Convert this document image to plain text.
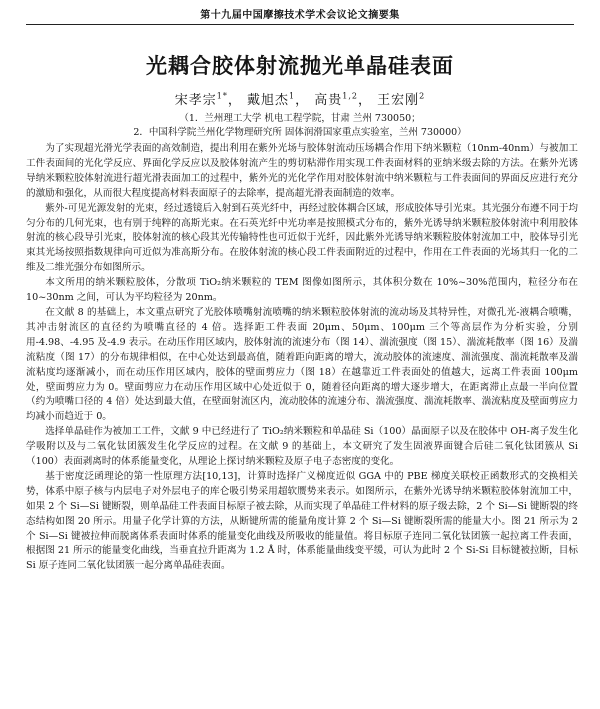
第十九届中国摩擦技术学术会议论文摘要集
光耦合胶体射流抛光单晶硅表面
宋孝宗$^{1*}$， 戴旭杰$^1$， 高贵$^{1,2}$， 王宏刚$^2$
（1．兰州理工大学 机电工程学院，甘肃 兰州 730050；
2．中国科学院兰州化学物理研究所 固体润滑国家重点实验室，兰州 730000）

为了实现超光滑光学表面的高效制造，提出利用在紫外光场与胶体射流动压场耦合作用下纳米颗粒（10nm-40nm）与被加工工件表面间的光化学反应、界面化学反应以及胶体射流产生的剪切粘滞作用实现工件表面材料的亚纳米级去除的方法。在紫外光诱导纳米颗粒胶体射流进行超光滑表面加工的过程中，紫外光的光化学作用对胶体射流中纳米颗粒与工件表面间的界面反应进行充分的激励和强化，从而很大程度提高材料表面原子的去除率，提高超光滑表面制造的效率。

紫外-可见光源发射的光束，经过透镜后入射到石英光纤中，再经过胶体耦合区域，形成胶体导引光束。其光强分布遵不同于均匀分布的几何光束，也有别于纯粹的高斯光束。在石英光纤中光功率是按照模式分布的，紫外光诱导纳米颗粒胶体射流中利用胶体射流的核心段导引光束，胶体射流的核心段其光传输特性也可近似于光纤，因此紫外光诱导纳米颗粒胶体射流加工中，胶体导引光束其光场按照指数规律向可近似为准高斯分布。在胶体射流的核心段工件表面附近的过程中，作用在工件表面的光场其归一化的二维及二维光强分布如图所示。

本文所用的纳米颗粒胶体，分散项 TiO₂纳米颗粒的 TEM 图像如图所示，其体积分数在 10%~30%范围内，粒径分布在 10~30nm 之间，可认为平均粒径为 20nm。

在文献 8 的基础上，本文重点研究了光胶体喷嘴射流喷嘴的纳米颗粒胶体射流的流动场及其特异性，对微孔光-液耦合喷嘴，其冲击射流区的直径约为喷嘴直径的 4 倍。选择距工件表面 20μm、50μm、100μm 三个等高层作为分析实验，分别用-4.98、-4.95 及-4.9 表示。在动压作用区域内，胶体射流的流速分布（图 14）、湍流强度（图 15）、湍流耗散率（图 16）及湍流粘度（图 17）的分布规律相似，在中心处达到最高值，随着距向距离的增大，流动胶体的流速度、湍流强度、湍流耗散率及湍流粘度均逐渐减小，而在动压作用区域内，胶体的壁面剪应力（图 18）在越靠近工件表面处的值越大，远离工件表面 100μm 处，壁面剪应力为 0。壁面剪应力在动压作用区域中心处近似于 0，随着径向距离的增大逐步增大，在距离滞止点最一半向位置（约为喷嘴口径的 4 倍）处达到最大值，在壁面射流区内，流动胶体的流速分布、湍流强度、湍流耗散率、湍流粘度及壁面剪应力均减小而趋近于 0。

选择单晶硅作为被加工工件，文献 9 中已经进行了 TiO₂纳米颗粒和单晶硅 Si（100）晶面原子以及在胶体中 OH-离子发生化学吸附以及与二氧化钛团簇发生化学反应的过程。在文献 9 的基础上，本文研究了发生固液界面键合后硅二氧化钛团簇从 Si（100）表面剥离时的体系能量变化，从理论上探讨纳米颗粒及原子电子态密度的变化。

基于密度泛函理论的第一性原理方法[10,13]，计算时选择广义梯度近似 GGA 中的 PBE 梯度关联校正函数形式的交换相关势，体系中原子核与内层电子对外层电子的库仑吸引势采用超软赝势来表示。如图所示，在紫外光诱导纳米颗粒胶体射流加工中，如果 2 个 Si—Si 键断裂，则单晶硅工件表面目标原子被去除，从而实现了单晶硅工件材料的原子级去除，2 个 Si—Si 键断裂的终态结构如图 20 所示。用量子化学计算的方法，从断键所需的能量角度计算 2 个 Si—Si 键断裂所需的能量大小。图 21 所示为 2 个 Si—Si 键被拉伸而脱离体系表面时体系的能量变化曲线及所吸收的能量值。将目标原子连同二氧化钛团簇一起拉离工件表面，根据图 21 所示的能量变化曲线，当垂直拉升距离为 1.2 Å 时，体系能量曲线变平缓，可认为此时 2 个 Si-Si 目标键被拉断，目标 Si 原子连同二氧化钛团簇一起分离单晶硅表面。
